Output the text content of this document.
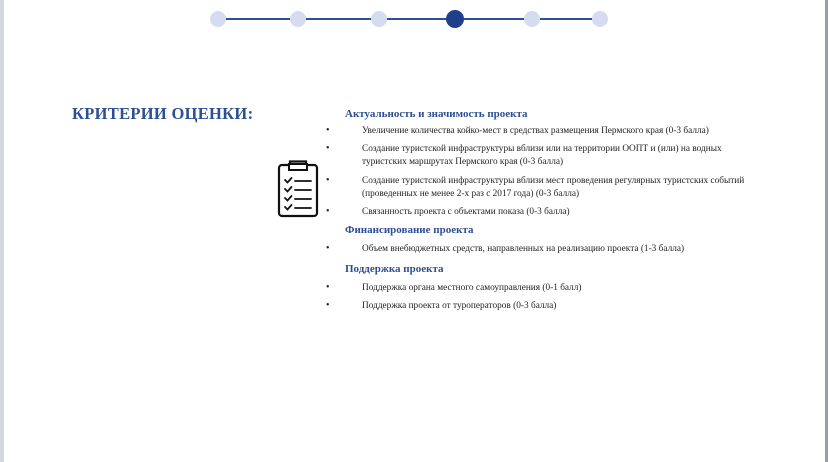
КРИТЕРИИ ОЦЕНКИ:	Актуальность и значимость проекта
•	Увеличение количества койко-мест в средствах размещения Пермского края (0-3 балла)
•	Создание туристской инфраструктуры вблизи или на территории ООПТ и (или) на водных туристских маршрутах Пермского края (0-3 балла)
•	Создание туристской инфраструктуры вблизи мест проведения регулярных туристских событий (проведенных не менее 2-х раз с 2017 года) (0-3 балла)
•	Связанность проекта с объектами показа (0-3 балла)
Финансирование проекта
•	Объем внебюджетных средств, направленных на реализацию проекта (1-3 балла)
Поддержка проекта
•	Поддержка органа местного самоуправления (0-1 балл)
•	Поддержка проекта от туроператоров (0-3 балла)
